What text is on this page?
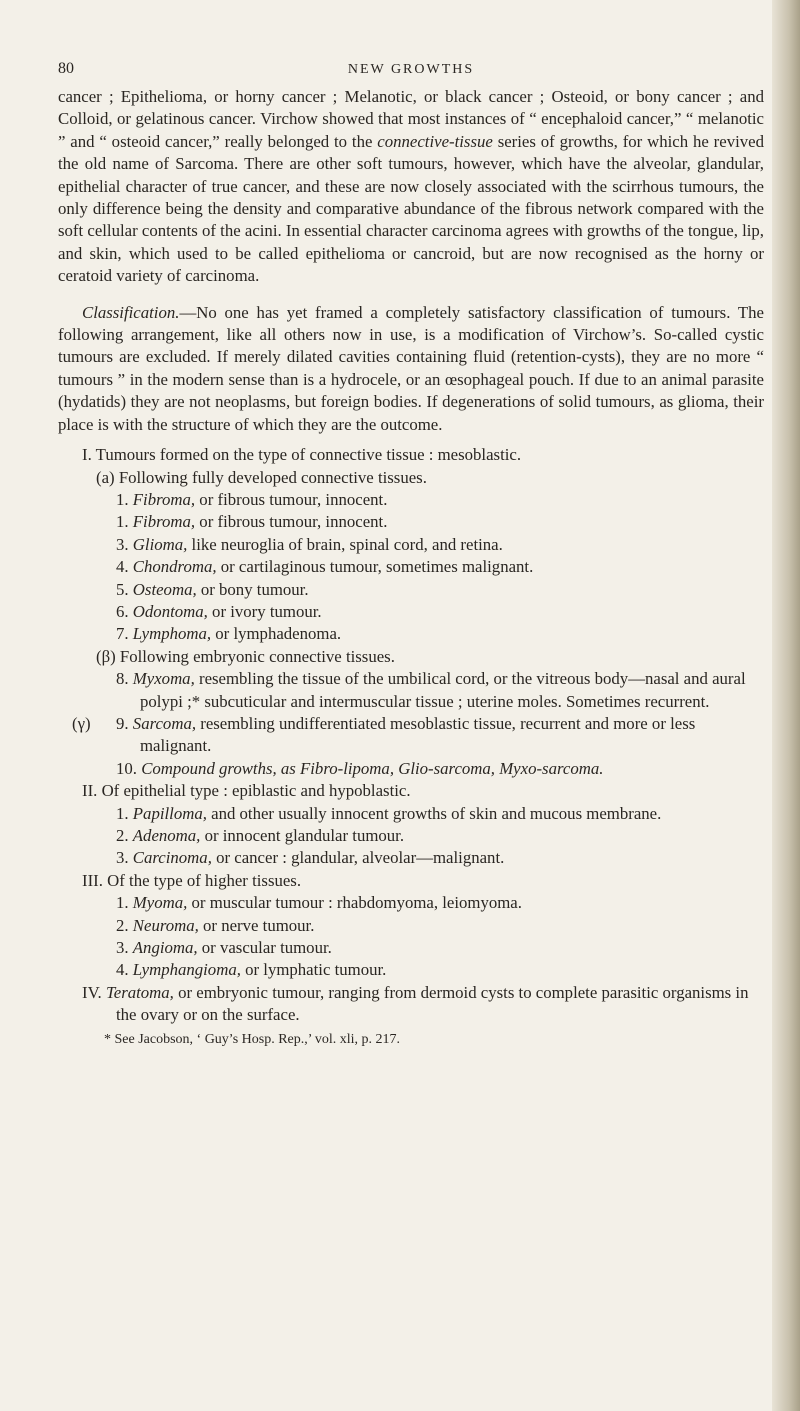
80	NEW GROWTHS

cancer ; Epithelioma, or horny cancer ; Melanotic, or black cancer ; Osteoid, or bony cancer ; and Colloid, or gelatinous cancer. Virchow showed that most instances of “ encephaloid cancer,” “ melanotic ” and “ osteoid cancer,” really belonged to the connective-tissue series of growths, for which he revived the old name of Sarcoma. There are other soft tumours, however, which have the alveolar, glandular, epithelial character of true cancer, and these are now closely associated with the scirrhous tumours, the only difference being the density and comparative abundance of the fibrous network compared with the soft cellular contents of the acini. In essential character carcinoma agrees with growths of the tongue, lip, and skin, which used to be called epithelioma or cancroid, but are now recognised as the horny or ceratoid variety of carcinoma.

Classification.—No one has yet framed a completely satisfactory classification of tumours. The following arrangement, like all others now in use, is a modification of Virchow’s. So-called cystic tumours are excluded. If merely dilated cavities containing fluid (retention-cysts), they are no more “ tumours ” in the modern sense than is a hydrocele, or an œsophageal pouch. If due to an animal parasite (hydatids) they are not neoplasms, but foreign bodies. If degenerations of solid tumours, as glioma, their place is with the structure of which they are the outcome.

I. Tumours formed on the type of connective tissue : mesoblastic.
(a) Following fully developed connective tissues.
1. Fibroma, or fibrous tumour, innocent.
1. Fibroma, or fibrous tumour, innocent.
3. Glioma, like neuroglia of brain, spinal cord, and retina.
4. Chondroma, or cartilaginous tumour, sometimes malignant.
5. Osteoma, or bony tumour.
6. Odontoma, or ivory tumour.
7. Lymphoma, or lymphadenoma.
(β) Following embryonic connective tissues.
8. Myxoma, resembling the tissue of the umbilical cord, or the vitreous body—nasal and aural polypi ;* subcuticular and intermuscular tissue ; uterine moles. Sometimes recurrent.
(γ)	9. Sarcoma, resembling undifferentiated mesoblastic tissue, recurrent and more or less malignant.
10. Compound growths, as Fibro-lipoma, Glio-sarcoma, Myxo-sarcoma.
II. Of epithelial type : epiblastic and hypoblastic.
1. Papilloma, and other usually innocent growths of skin and mucous membrane.
2. Adenoma, or innocent glandular tumour.
3. Carcinoma, or cancer : glandular, alveolar—malignant.
III. Of the type of higher tissues.
1. Myoma, or muscular tumour : rhabdomyoma, leiomyoma.
2. Neuroma, or nerve tumour.
3. Angioma, or vascular tumour.
4. Lymphangioma, or lymphatic tumour.
IV. Teratoma, or embryonic tumour, ranging from dermoid cysts to complete parasitic organisms in the ovary or on the surface.
* See Jacobson, ‘ Guy’s Hosp. Rep.,’ vol. xli, p. 217.
